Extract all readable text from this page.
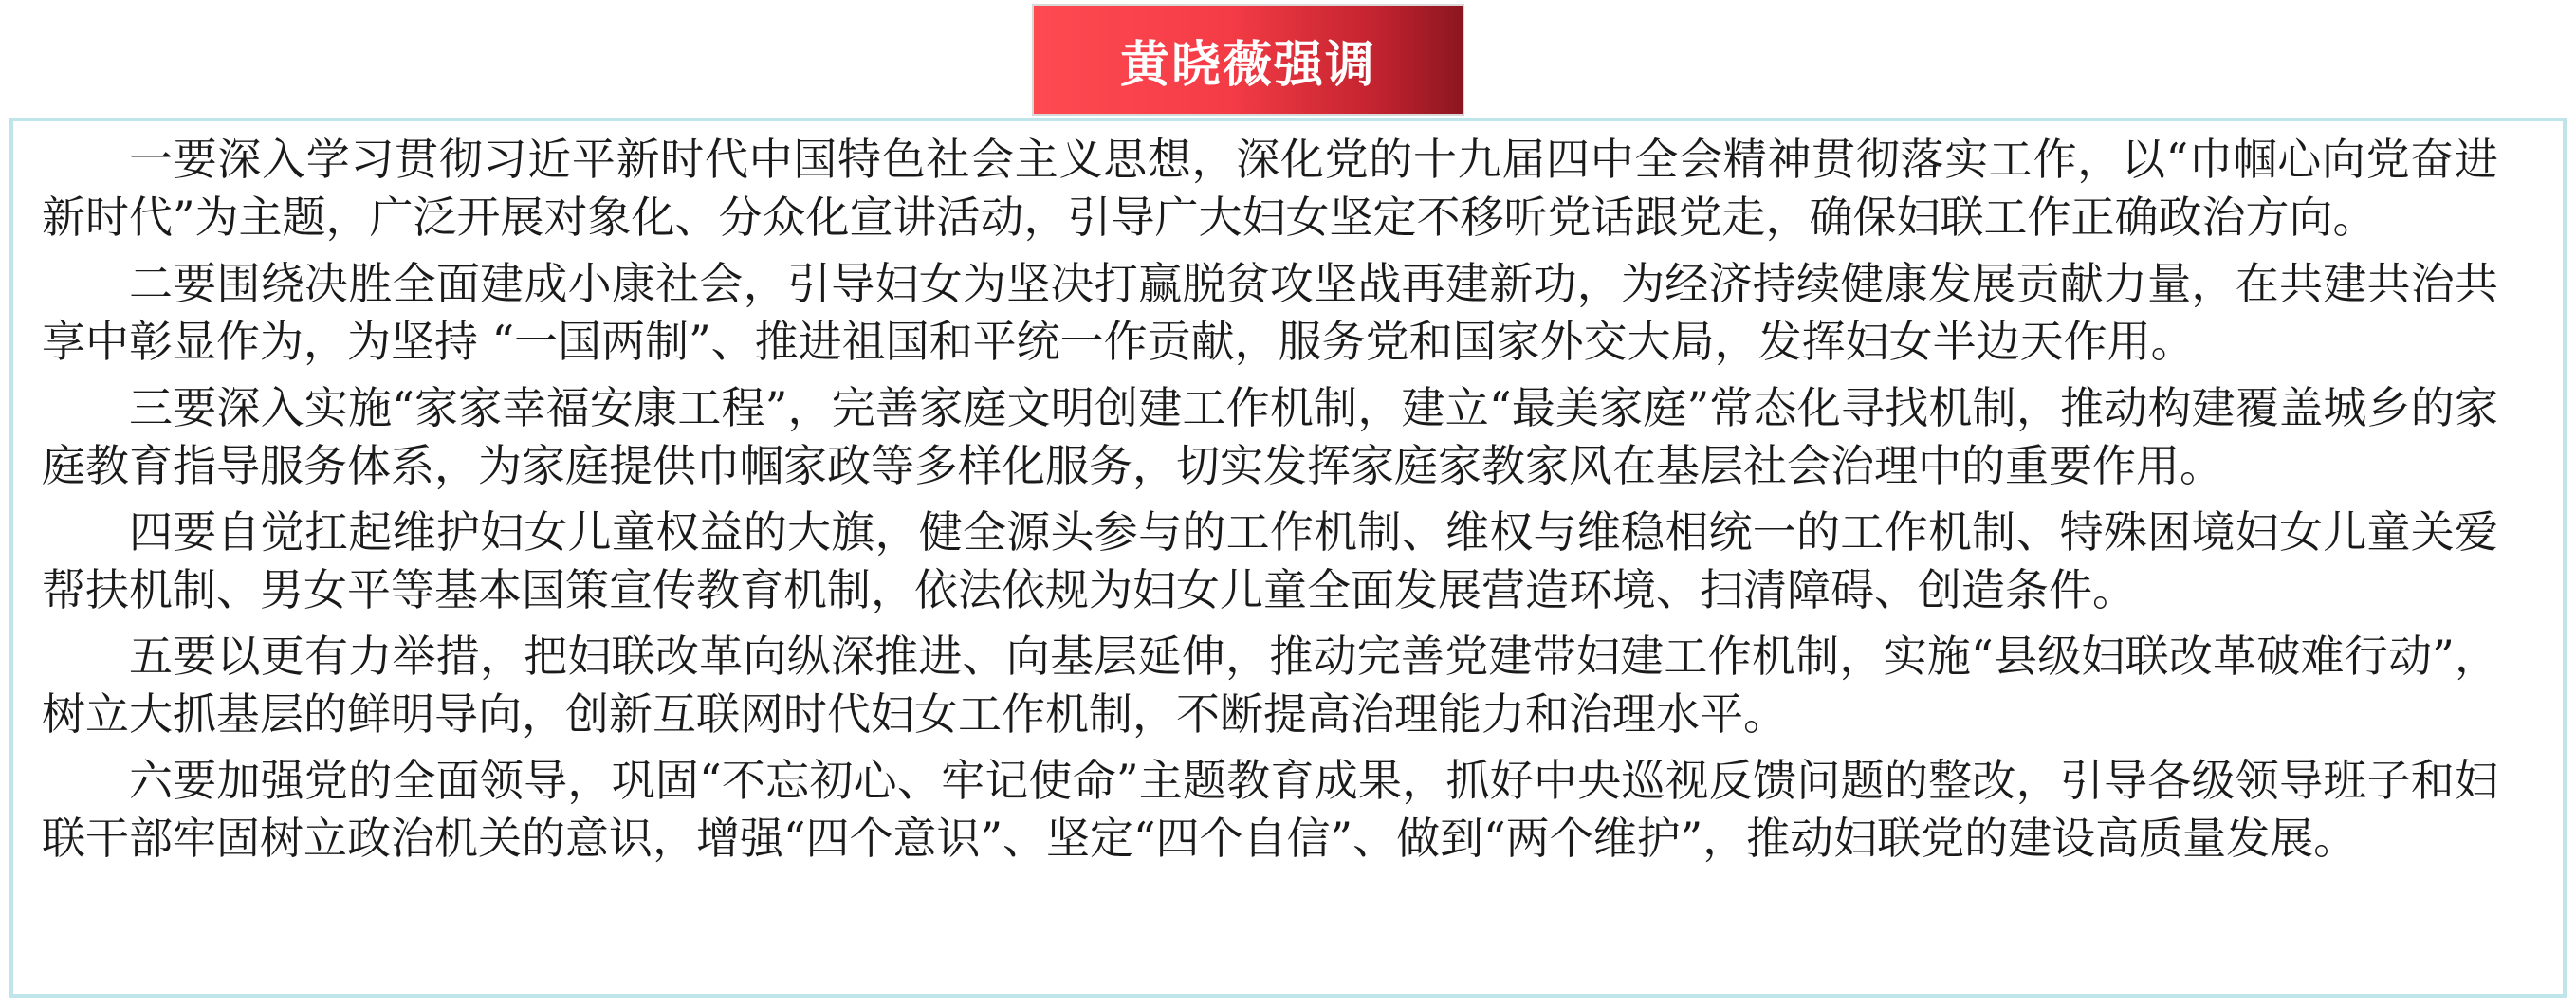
黄晓薇强调

一要深入学习贯彻习近平新时代中国特色社会主义思想，深化党的十九届四中全会精神贯彻落实工作，以“巾帼心向党奋进新时代”为主题，广泛开展对象化、分众化宣讲活动，引导广大妇女坚定不移听党话跟党走，确保妇联工作正确政治方向。

二要围绕决胜全面建成小康社会，引导妇女为坚决打赢脱贫攻坚战再建新功，为经济持续健康发展贡献力量，在共建共治共享中彰显作为，为坚持 “一国两制”、推进祖国和平统一作贡献，服务党和国家外交大局，发挥妇女半边天作用。

三要深入实施“家家幸福安康工程”，完善家庭文明创建工作机制，建立“最美家庭”常态化寻找机制，推动构建覆盖城乡的家庭教育指导服务体系，为家庭提供巾帼家政等多样化服务，切实发挥家庭家教家风在基层社会治理中的重要作用。

四要自觉扛起维护妇女儿童权益的大旗，健全源头参与的工作机制、维权与维稳相统一的工作机制、特殊困境妇女儿童关爱帮扶机制、男女平等基本国策宣传教育机制，依法依规为妇女儿童全面发展营造环境、扫清障碍、创造条件。

五要以更有力举措，把妇联改革向纵深推进、向基层延伸，推动完善党建带妇建工作机制，实施“县级妇联改革破难行动”，树立大抓基层的鲜明导向，创新互联网时代妇女工作机制，不断提高治理能力和治理水平。

六要加强党的全面领导，巩固“不忘初心、牢记使命”主题教育成果，抓好中央巡视反馈问题的整改，引导各级领导班子和妇联干部牢固树立政治机关的意识，增强“四个意识”、坚定“四个自信”、做到“两个维护”，推动妇联党的建设高质量发展。
